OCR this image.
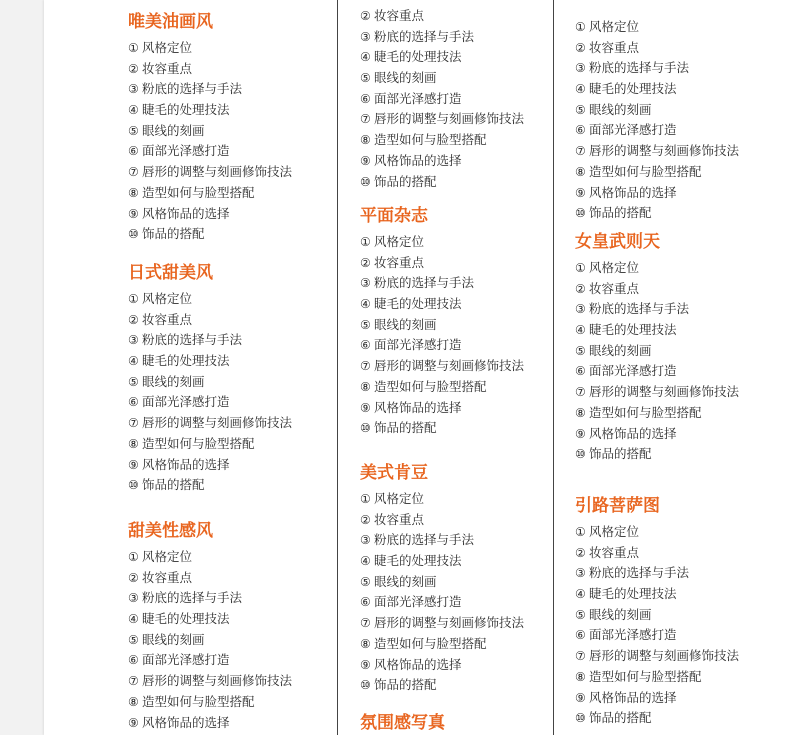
唯美油画风
① 风格定位
② 妆容重点
③ 粉底的选择与手法
④ 睫毛的处理技法
⑤ 眼线的刻画
⑥ 面部光泽感打造
⑦ 唇形的调整与刻画修饰技法
⑧ 造型如何与脸型搭配
⑨ 风格饰品的选择
⑩ 饰品的搭配
日式甜美风
① 风格定位
② 妆容重点
③ 粉底的选择与手法
④ 睫毛的处理技法
⑤ 眼线的刻画
⑥ 面部光泽感打造
⑦ 唇形的调整与刻画修饰技法
⑧ 造型如何与脸型搭配
⑨ 风格饰品的选择
⑩ 饰品的搭配
甜美性感风
① 风格定位
② 妆容重点
③ 粉底的选择与手法
④ 睫毛的处理技法
⑤ 眼线的刻画
⑥ 面部光泽感打造
⑦ 唇形的调整与刻画修饰技法
⑧ 造型如何与脸型搭配
⑨ 风格饰品的选择
② 妆容重点
③ 粉底的选择与手法
④ 睫毛的处理技法
⑤ 眼线的刻画
⑥ 面部光泽感打造
⑦ 唇形的调整与刻画修饰技法
⑧ 造型如何与脸型搭配
⑨ 风格饰品的选择
⑩ 饰品的搭配
平面杂志
① 风格定位
② 妆容重点
③ 粉底的选择与手法
④ 睫毛的处理技法
⑤ 眼线的刻画
⑥ 面部光泽感打造
⑦ 唇形的调整与刻画修饰技法
⑧ 造型如何与脸型搭配
⑨ 风格饰品的选择
⑩ 饰品的搭配
美式肯豆
① 风格定位
② 妆容重点
③ 粉底的选择与手法
④ 睫毛的处理技法
⑤ 眼线的刻画
⑥ 面部光泽感打造
⑦ 唇形的调整与刻画修饰技法
⑧ 造型如何与脸型搭配
⑨ 风格饰品的选择
⑩ 饰品的搭配
氛围感写真
① 风格定位
② 妆容重点
③ 粉底的选择与手法
④ 睫毛的处理技法
⑤ 眼线的刻画
⑥ 面部光泽感打造
⑦ 唇形的调整与刻画修饰技法
⑧ 造型如何与脸型搭配
⑨ 风格饰品的选择
⑩ 饰品的搭配
女皇武则天
① 风格定位
② 妆容重点
③ 粉底的选择与手法
④ 睫毛的处理技法
⑤ 眼线的刻画
⑥ 面部光泽感打造
⑦ 唇形的调整与刻画修饰技法
⑧ 造型如何与脸型搭配
⑨ 风格饰品的选择
⑩ 饰品的搭配
引路菩萨图
① 风格定位
② 妆容重点
③ 粉底的选择与手法
④ 睫毛的处理技法
⑤ 眼线的刻画
⑥ 面部光泽感打造
⑦ 唇形的调整与刻画修饰技法
⑧ 造型如何与脸型搭配
⑨ 风格饰品的选择
⑩ 饰品的搭配
